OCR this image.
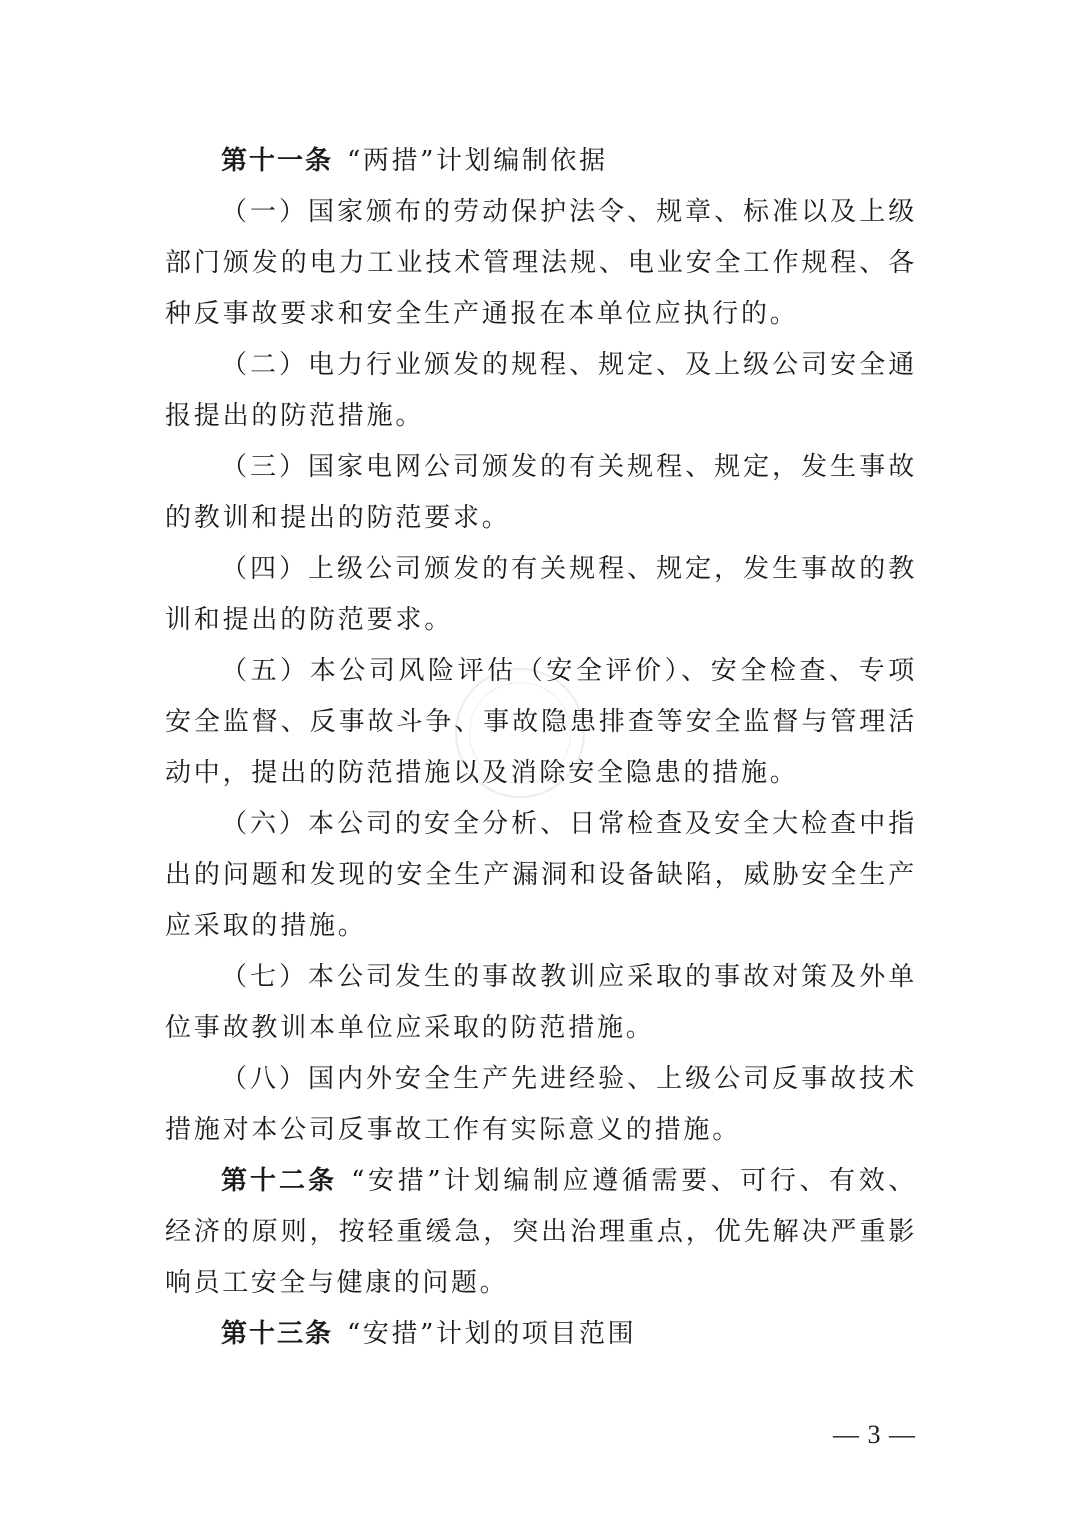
第十一条 “两措”计划编制依据

（一）国家颁布的劳动保护法令、规章、标准以及上级部门颁发的电力工业技术管理法规、电业安全工作规程、各种反事故要求和安全生产通报在本单位应执行的。

（二）电力行业颁发的规程、规定、及上级公司安全通报提出的防范措施。

（三）国家电网公司颁发的有关规程、规定，发生事故的教训和提出的防范要求。

（四）上级公司颁发的有关规程、规定，发生事故的教训和提出的防范要求。

（五）本公司风险评估（安全评价）、安全检查、专项安全监督、反事故斗争、事故隐患排查等安全监督与管理活动中，提出的防范措施以及消除安全隐患的措施。

（六）本公司的安全分析、日常检查及安全大检查中指出的问题和发现的安全生产漏洞和设备缺陷，威胁安全生产应采取的措施。

（七）本公司发生的事故教训应采取的事故对策及外单位事故教训本单位应采取的防范措施。

（八）国内外安全生产先进经验、上级公司反事故技术措施对本公司反事故工作有实际意义的措施。

第十二条 “安措”计划编制应遵循需要、可行、有效、经济的原则，按轻重缓急，突出治理重点，优先解决严重影响员工安全与健康的问题。

第十三条 “安措”计划的项目范围

— 3 —
